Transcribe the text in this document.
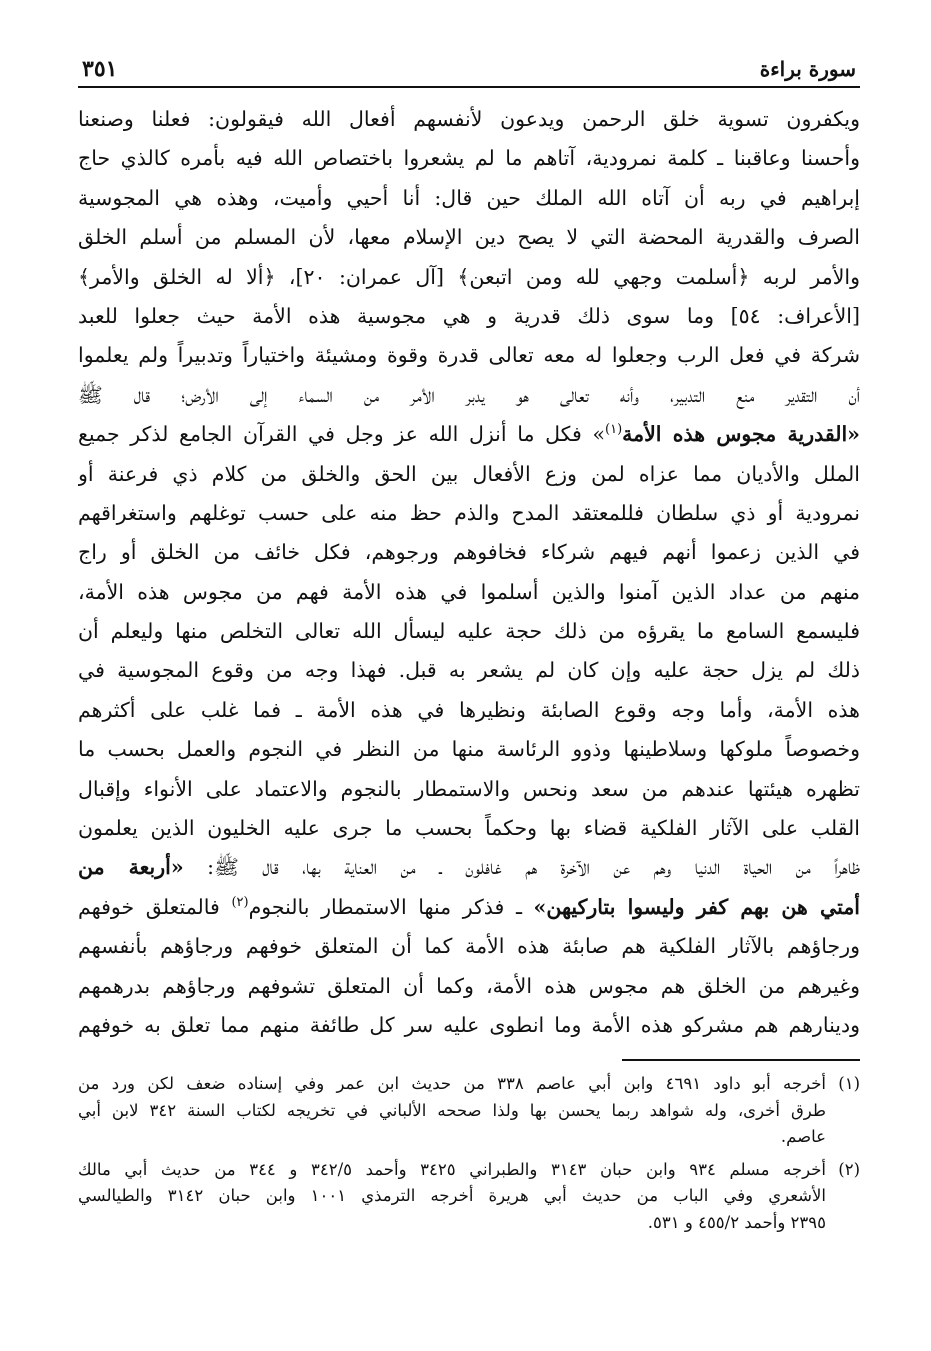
سورة براءة
٣٥١
ويكفرون تسوية خلق الرحمن ويدعون لأنفسهم أفعال الله فيقولون: فعلنا وصنعنا
وأحسنا وعاقبنا ـ كلمة نمرودية، آتاهم ما لم يشعروا باختصاص الله فيه بأمره كالذي حاج
إبراهيم في ربه أن آتاه الله الملك حين قال: أنا أحيي وأميت، وهذه هي المجوسية
الصرف والقدرية المحضة التي لا يصح دين الإسلام معها، لأن المسلم من أسلم الخلق
والأمر لربه ﴿أسلمت وجهي لله ومن اتبعن﴾ [آل عمران: ٢٠]، ﴿ألا له الخلق والأمر﴾
[الأعراف: ٥٤] وما سوى ذلك قدرية و هي مجوسية هذه الأمة حيث جعلوا للعبد
شركة في فعل الرب وجعلوا له معه تعالى قدرة وقوة ومشيئة واختياراً وتدبيراً ولم يعلموا
أن التقدير منع التدبير، وأنه تعالى هو يدبر الأمر من السماء إلى الأرض؛ قال ﷺ
«القدرية مجوس هذه الأمة$^{(١)}$» فكل ما أنزل الله عز وجل في القرآن الجامع لذكر جميع
الملل والأديان مما عزاه لمن وزع الأفعال بين الحق والخلق من كلام ذي فرعنة أو
نمرودية أو ذي سلطان فللمعتقد المدح والذم حظ منه على حسب توغلهم واستغراقهم
في الذين زعموا أنهم فيهم شركاء فخافوهم ورجوهم، فكل خائف من الخلق أو راج
منهم من عداد الذين آمنوا والذين أسلموا في هذه الأمة فهم من مجوس هذه الأمة،
فليسمع السامع ما يقرؤه من ذلك حجة عليه ليسأل الله تعالى التخلص منها وليعلم أن
ذلك لم يزل حجة عليه وإن كان لم يشعر به قبل. فهذا وجه من وقوع المجوسية في
هذه الأمة، وأما وجه وقوع الصابئة ونظيرها في هذه الأمة ـ فما غلب على أكثرهم
وخصوصاً ملوكها وسلاطينها وذوو الرئاسة منها من النظر في النجوم والعمل بحسب ما
تظهره هيئتها عندهم من سعد ونحس والاستمطار بالنجوم والاعتماد على الأنواء وإقبال
القلب على الآثار الفلكية قضاء بها وحكماً بحسب ما جرى عليه الخليون الذين يعلمون
ظاهراً من الحياة الدنيا وهم عن الآخرة هم غافلون ـ من العناية بها، قال ﷺ: «أربعة من
أمتي هن بهم كفر وليسوا بتاركيهن» ـ فذكر منها الاستمطار بالنجوم$^{(٢)}$ فالمتعلق خوفهم
ورجاؤهم بالآثار الفلكية هم صابئة هذه الأمة كما أن المتعلق خوفهم ورجاؤهم بأنفسهم
وغيرهم من الخلق هم مجوس هذه الأمة، وكما أن المتعلق تشوفهم ورجاؤهم بدرهمهم
ودينارهم هم مشركو هذه الأمة وما انطوى عليه سر كل طائفة منهم مما تعلق به خوفهم
(١)
أخرجه أبو داود ٤٦٩١ وابن أبي عاصم ٣٣٨ من حديث ابن عمر وفي إسناده ضعف لكن ورد من
طرق أخرى، وله شواهد ربما يحسن بها ولذا صححه الألباني في تخريجه لكتاب السنة ٣٤٢ لابن أبي
عاصم.
(٢)
أخرجه مسلم ٩٣٤ وابن حبان ٣١٤٣ والطبراني ٣٤٢٥ وأحمد ٣٤٢/٥ و ٣٤٤ من حديث أبي مالك
الأشعري وفي الباب من حديث أبي هريرة أخرجه الترمذي ١٠٠١ وابن حبان ٣١٤٢ والطيالسي
٢٣٩٥ وأحمد ٤٥٥/٢ و ٥٣١.
